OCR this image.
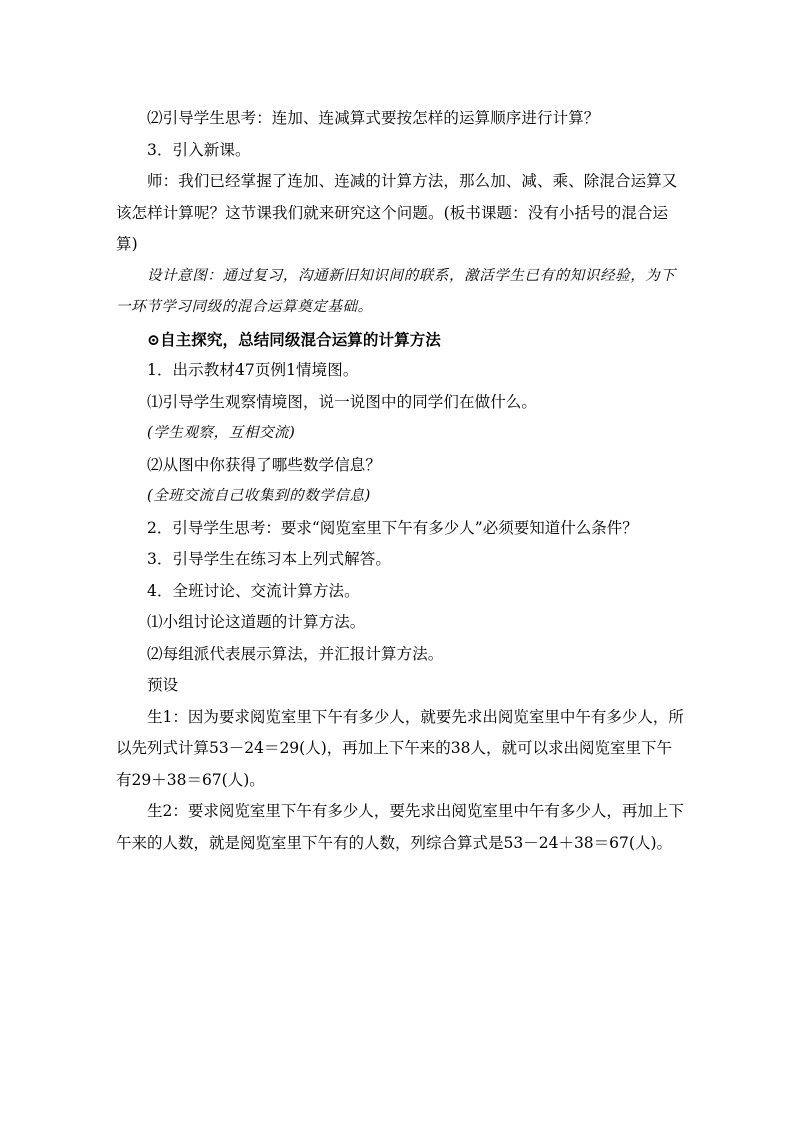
⑵引导学生思考：连加、连减算式要按怎样的运算顺序进行计算？

3．引入新课。

师：我们已经掌握了连加、连减的计算方法，那么加、减、乘、除混合运算又该怎样计算呢？这节课我们就来研究这个问题。(板书课题：没有小括号的混合运算)

设计意图：通过复习，沟通新旧知识间的联系，激活学生已有的知识经验，为下一环节学习同级的混合运算奠定基础。

⊙自主探究，总结同级混合运算的计算方法

1．出示教材47页例1情境图。

⑴引导学生观察情境图，说一说图中的同学们在做什么。

(学生观察，互相交流)

⑵从图中你获得了哪些数学信息？

(全班交流自己收集到的数学信息)

2．引导学生思考：要求“阅览室里下午有多少人”必须要知道什么条件？

3．引导学生在练习本上列式解答。

4．全班讨论、交流计算方法。

⑴小组讨论这道题的计算方法。

⑵每组派代表展示算法，并汇报计算方法。

预设

生1：因为要求阅览室里下午有多少人，就要先求出阅览室里中午有多少人，所以先列式计算53－24＝29(人)，再加上下午来的38人，就可以求出阅览室里下午有29＋38＝67(人)。

生2：要求阅览室里下午有多少人，要先求出阅览室里中午有多少人，再加上下午来的人数，就是阅览室里下午有的人数，列综合算式是53－24＋38＝67(人)。
